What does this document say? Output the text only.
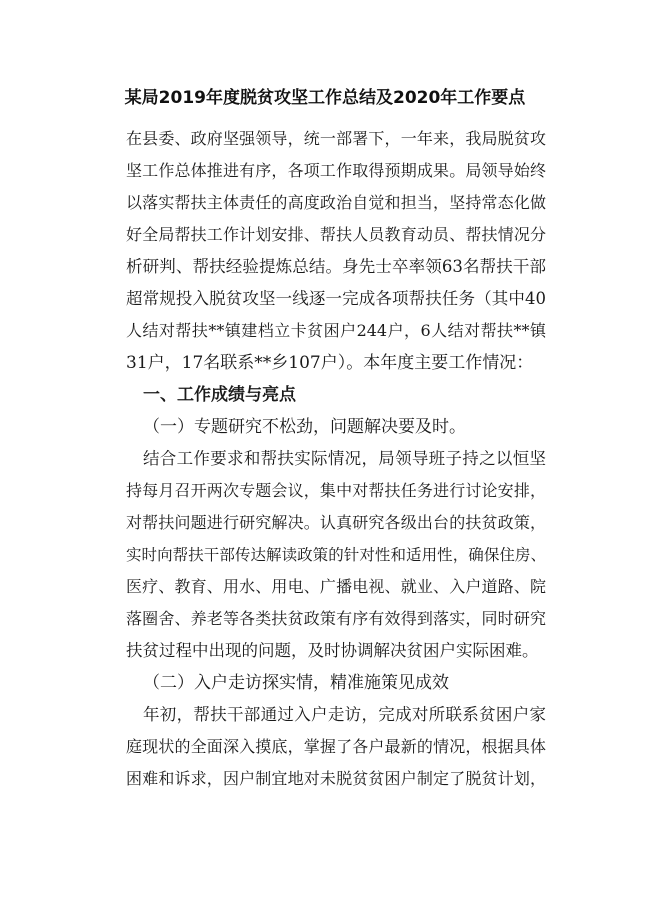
某局2019年度脱贫攻坚工作总结及2020年工作要点
在县委、政府坚强领导，统一部署下，一年来，我局脱贫攻
坚工作总体推进有序，各项工作取得预期成果。局领导始终
以落实帮扶主体责任的高度政治自觉和担当，坚持常态化做
好全局帮扶工作计划安排、帮扶人员教育动员、帮扶情况分
析研判、帮扶经验提炼总结。身先士卒率领63名帮扶干部
超常规投入脱贫攻坚一线逐一完成各项帮扶任务（其中40
人结对帮扶**镇建档立卡贫困户244户，6人结对帮扶**镇
31户，17名联系**乡107户）。本年度主要工作情况：
一、工作成绩与亮点
（一）专题研究不松劲，问题解决要及时。
结合工作要求和帮扶实际情况，局领导班子持之以恒坚
持每月召开两次专题会议，集中对帮扶任务进行讨论安排，
对帮扶问题进行研究解决。认真研究各级出台的扶贫政策，
实时向帮扶干部传达解读政策的针对性和适用性，确保住房、
医疗、教育、用水、用电、广播电视、就业、入户道路、院
落圈舍、养老等各类扶贫政策有序有效得到落实，同时研究
扶贫过程中出现的问题，及时协调解决贫困户实际困难。
（二）入户走访探实情，精准施策见成效
年初，帮扶干部通过入户走访，完成对所联系贫困户家
庭现状的全面深入摸底，掌握了各户最新的情况，根据具体
困难和诉求，因户制宜地对未脱贫贫困户制定了脱贫计划，
